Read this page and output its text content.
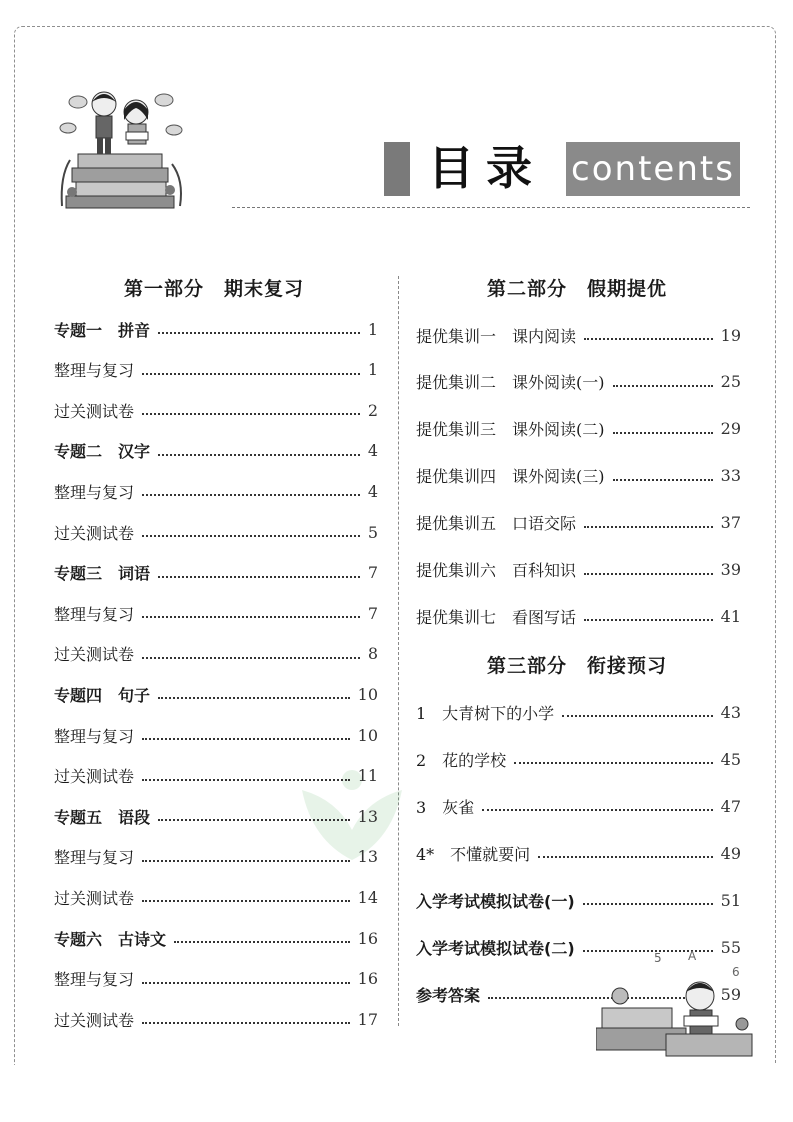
目录 contents
第一部分　期末复习
专题一　拼音	1
整理与复习	1
过关测试卷	2
专题二　汉字	4
整理与复习	4
过关测试卷	5
专题三　词语	7
整理与复习	7
过关测试卷	8
专题四　句子	10
整理与复习	10
过关测试卷	11
专题五　语段	13
整理与复习	13
过关测试卷	14
专题六　古诗文	16
整理与复习	16
过关测试卷	17
第二部分　假期提优
提优集训一　课内阅读	19
提优集训二　课外阅读(一)	25
提优集训三　课外阅读(二)	29
提优集训四　课外阅读(三)	33
提优集训五　口语交际	37
提优集训六　百科知识	39
提优集训七　看图写话	41
第三部分　衔接预习
1　大青树下的小学	43
2　花的学校	45
3　灰雀	47
4*　不懂就要问	49
入学考试模拟试卷(一)	51
入学考试模拟试卷(二)	55
参考答案	59
5 A
6
